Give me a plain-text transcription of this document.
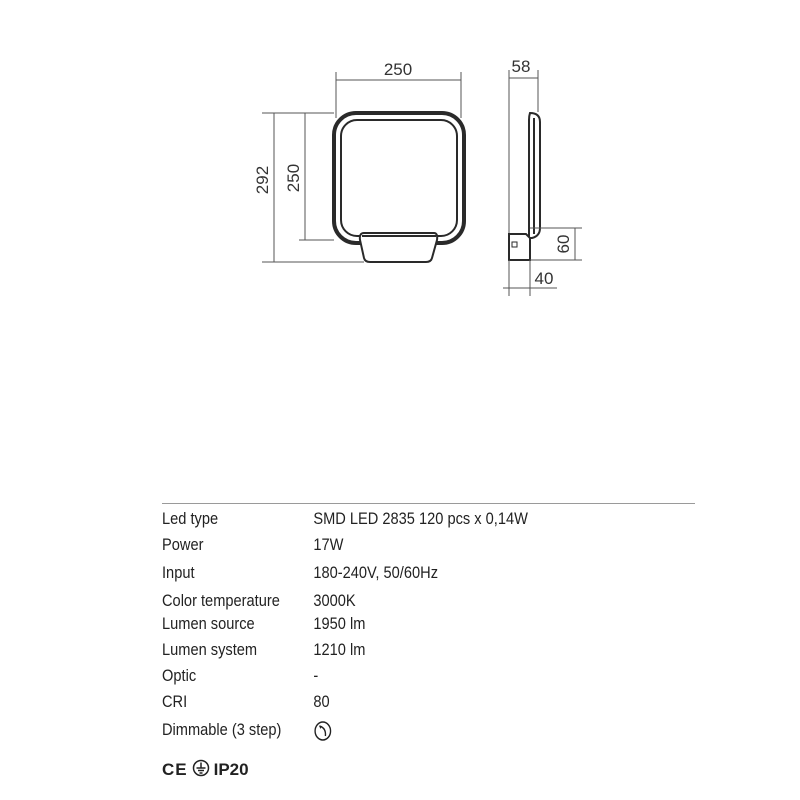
250
292 250
58
60
40
Led type	SMD LED 2835 120 pcs x 0,14W
Power	17W
Input	180-240V, 50/60Hz
Color temperature 3000K
Lumen source	1950 lm
Lumen system	1210 lm
Optic	-
CRI	80
Dimmable (3 step)
CE IP20
